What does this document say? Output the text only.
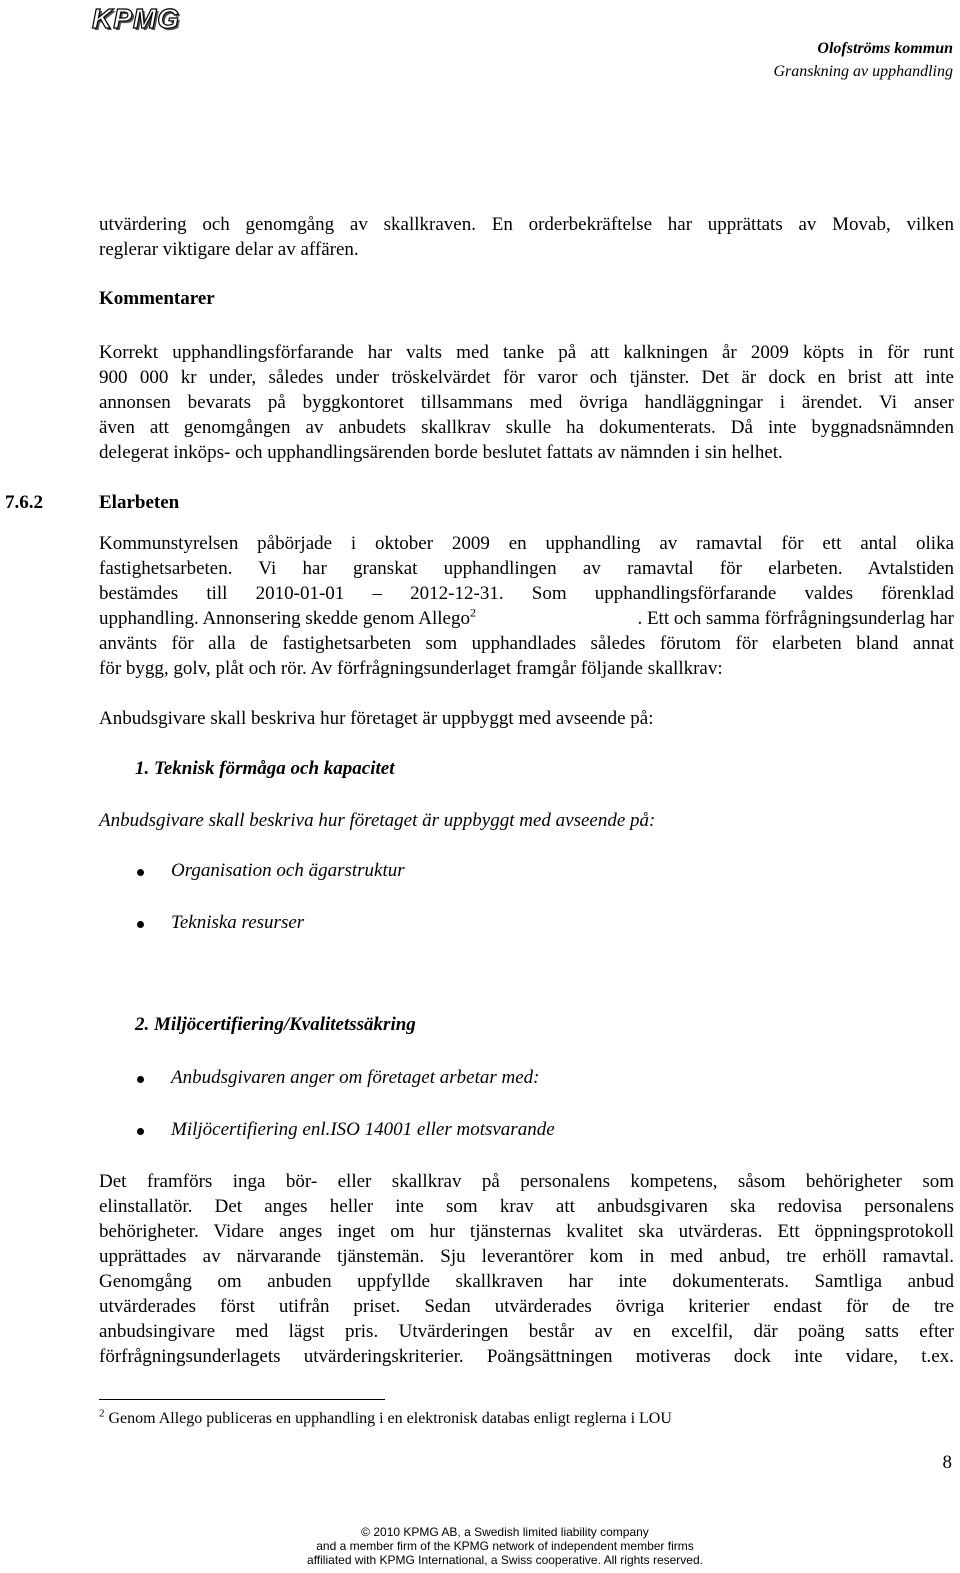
KPMG
Olofströms kommun
Granskning av upphandling
utvärdering och genomgång av skallkraven. En orderbekräftelse har upprättats av Movab, vilken
reglerar viktigare delar av affären.
Kommentarer
Korrekt upphandlingsförfarande har valts med tanke på att kalkningen år 2009 köpts in för runt
900 000 kr under, således under tröskelvärdet för varor och tjänster. Det är dock en brist att inte
annonsen bevarats på byggkontoret tillsammans med övriga handläggningar i ärendet. Vi anser
även att genomgången av anbudets skallkrav skulle ha dokumenterats. Då inte byggnadsnämnden
delegerat inköps- och upphandlingsärenden borde beslutet fattats av nämnden i sin helhet.
7.6.2	Elarbeten
Kommunstyrelsen påbörjade i oktober 2009 en upphandling av ramavtal för ett antal olika
fastighetsarbeten. Vi har granskat upphandlingen av ramavtal för elarbeten. Avtalstiden
bestämdes till 2010-01-01 – 2012-12-31. Som upphandlingsförfarande valdes förenklad
upphandling. Annonsering skedde genom Allego$^2$	. Ett och samma förfrågningsunderlag har
använts för alla de fastighetsarbeten som upphandlades således förutom för elarbeten bland annat
för bygg, golv, plåt och rör. Av förfrågningsunderlaget framgår följande skallkrav:
Anbudsgivare skall beskriva hur företaget är uppbyggt med avseende på:
1. Teknisk förmåga och kapacitet
Anbudsgivare skall beskriva hur företaget är uppbyggt med avseende på:
Organisation och ägarstruktur
Tekniska resurser
2. Miljöcertifiering/Kvalitetssäkring
Anbudsgivaren anger om företaget arbetar med:
Miljöcertifiering enl.ISO 14001 eller motsvarande
Det framförs inga bör- eller skallkrav på personalens kompetens, såsom behörigheter som
elinstallatör. Det anges heller inte som krav att anbudsgivaren ska redovisa personalens
behörigheter. Vidare anges inget om hur tjänsternas kvalitet ska utvärderas. Ett öppningsprotokoll
upprättades av närvarande tjänstemän. Sju leverantörer kom in med anbud, tre erhöll ramavtal.
Genomgång om anbuden uppfyllde skallkraven har inte dokumenterats. Samtliga anbud
utvärderades först utifrån priset. Sedan utvärderades övriga kriterier endast för de tre
anbudsingivare med lägst pris. Utvärderingen består av en excelfil, där poäng satts efter
förfrågningsunderlagets utvärderingskriterier. Poängsättningen motiveras dock inte vidare, t.ex.
$^2$ Genom Allego publiceras en upphandling i en elektronisk databas enligt reglerna i LOU
8
© 2010 KPMG AB, a Swedish limited liability company
and a member firm of the KPMG network of independent member firms
affiliated with KPMG International, a Swiss cooperative. All rights reserved.
